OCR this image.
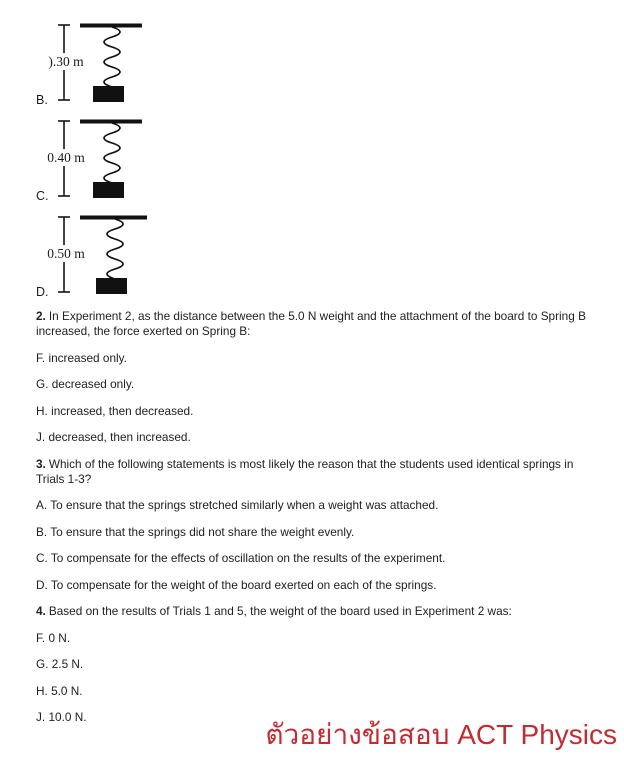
).30 m
B.
0.40 m
C.
0.50 m
D.

2. In Experiment 2, as the distance between the 5.0 N weight and the attachment of the board to Spring B
increased, the force exerted on Spring B:

F. increased only.

G. decreased only.

H. increased, then decreased.

J. decreased, then increased.

3. Which of the following statements is most likely the reason that the students used identical springs in
Trials 1-3?

A. To ensure that the springs stretched similarly when a weight was attached.

B. To ensure that the springs did not share the weight evenly.

C. To compensate for the effects of oscillation on the results of the experiment.

D. To compensate for the weight of the board exerted on each of the springs.

4. Based on the results of Trials 1 and 5, the weight of the board used in Experiment 2 was:

F. 0 N.

G. 2.5 N.

H. 5.0 N.

J. 10.0 N.

ตัวอย่างข้อสอบ ACT Physics
